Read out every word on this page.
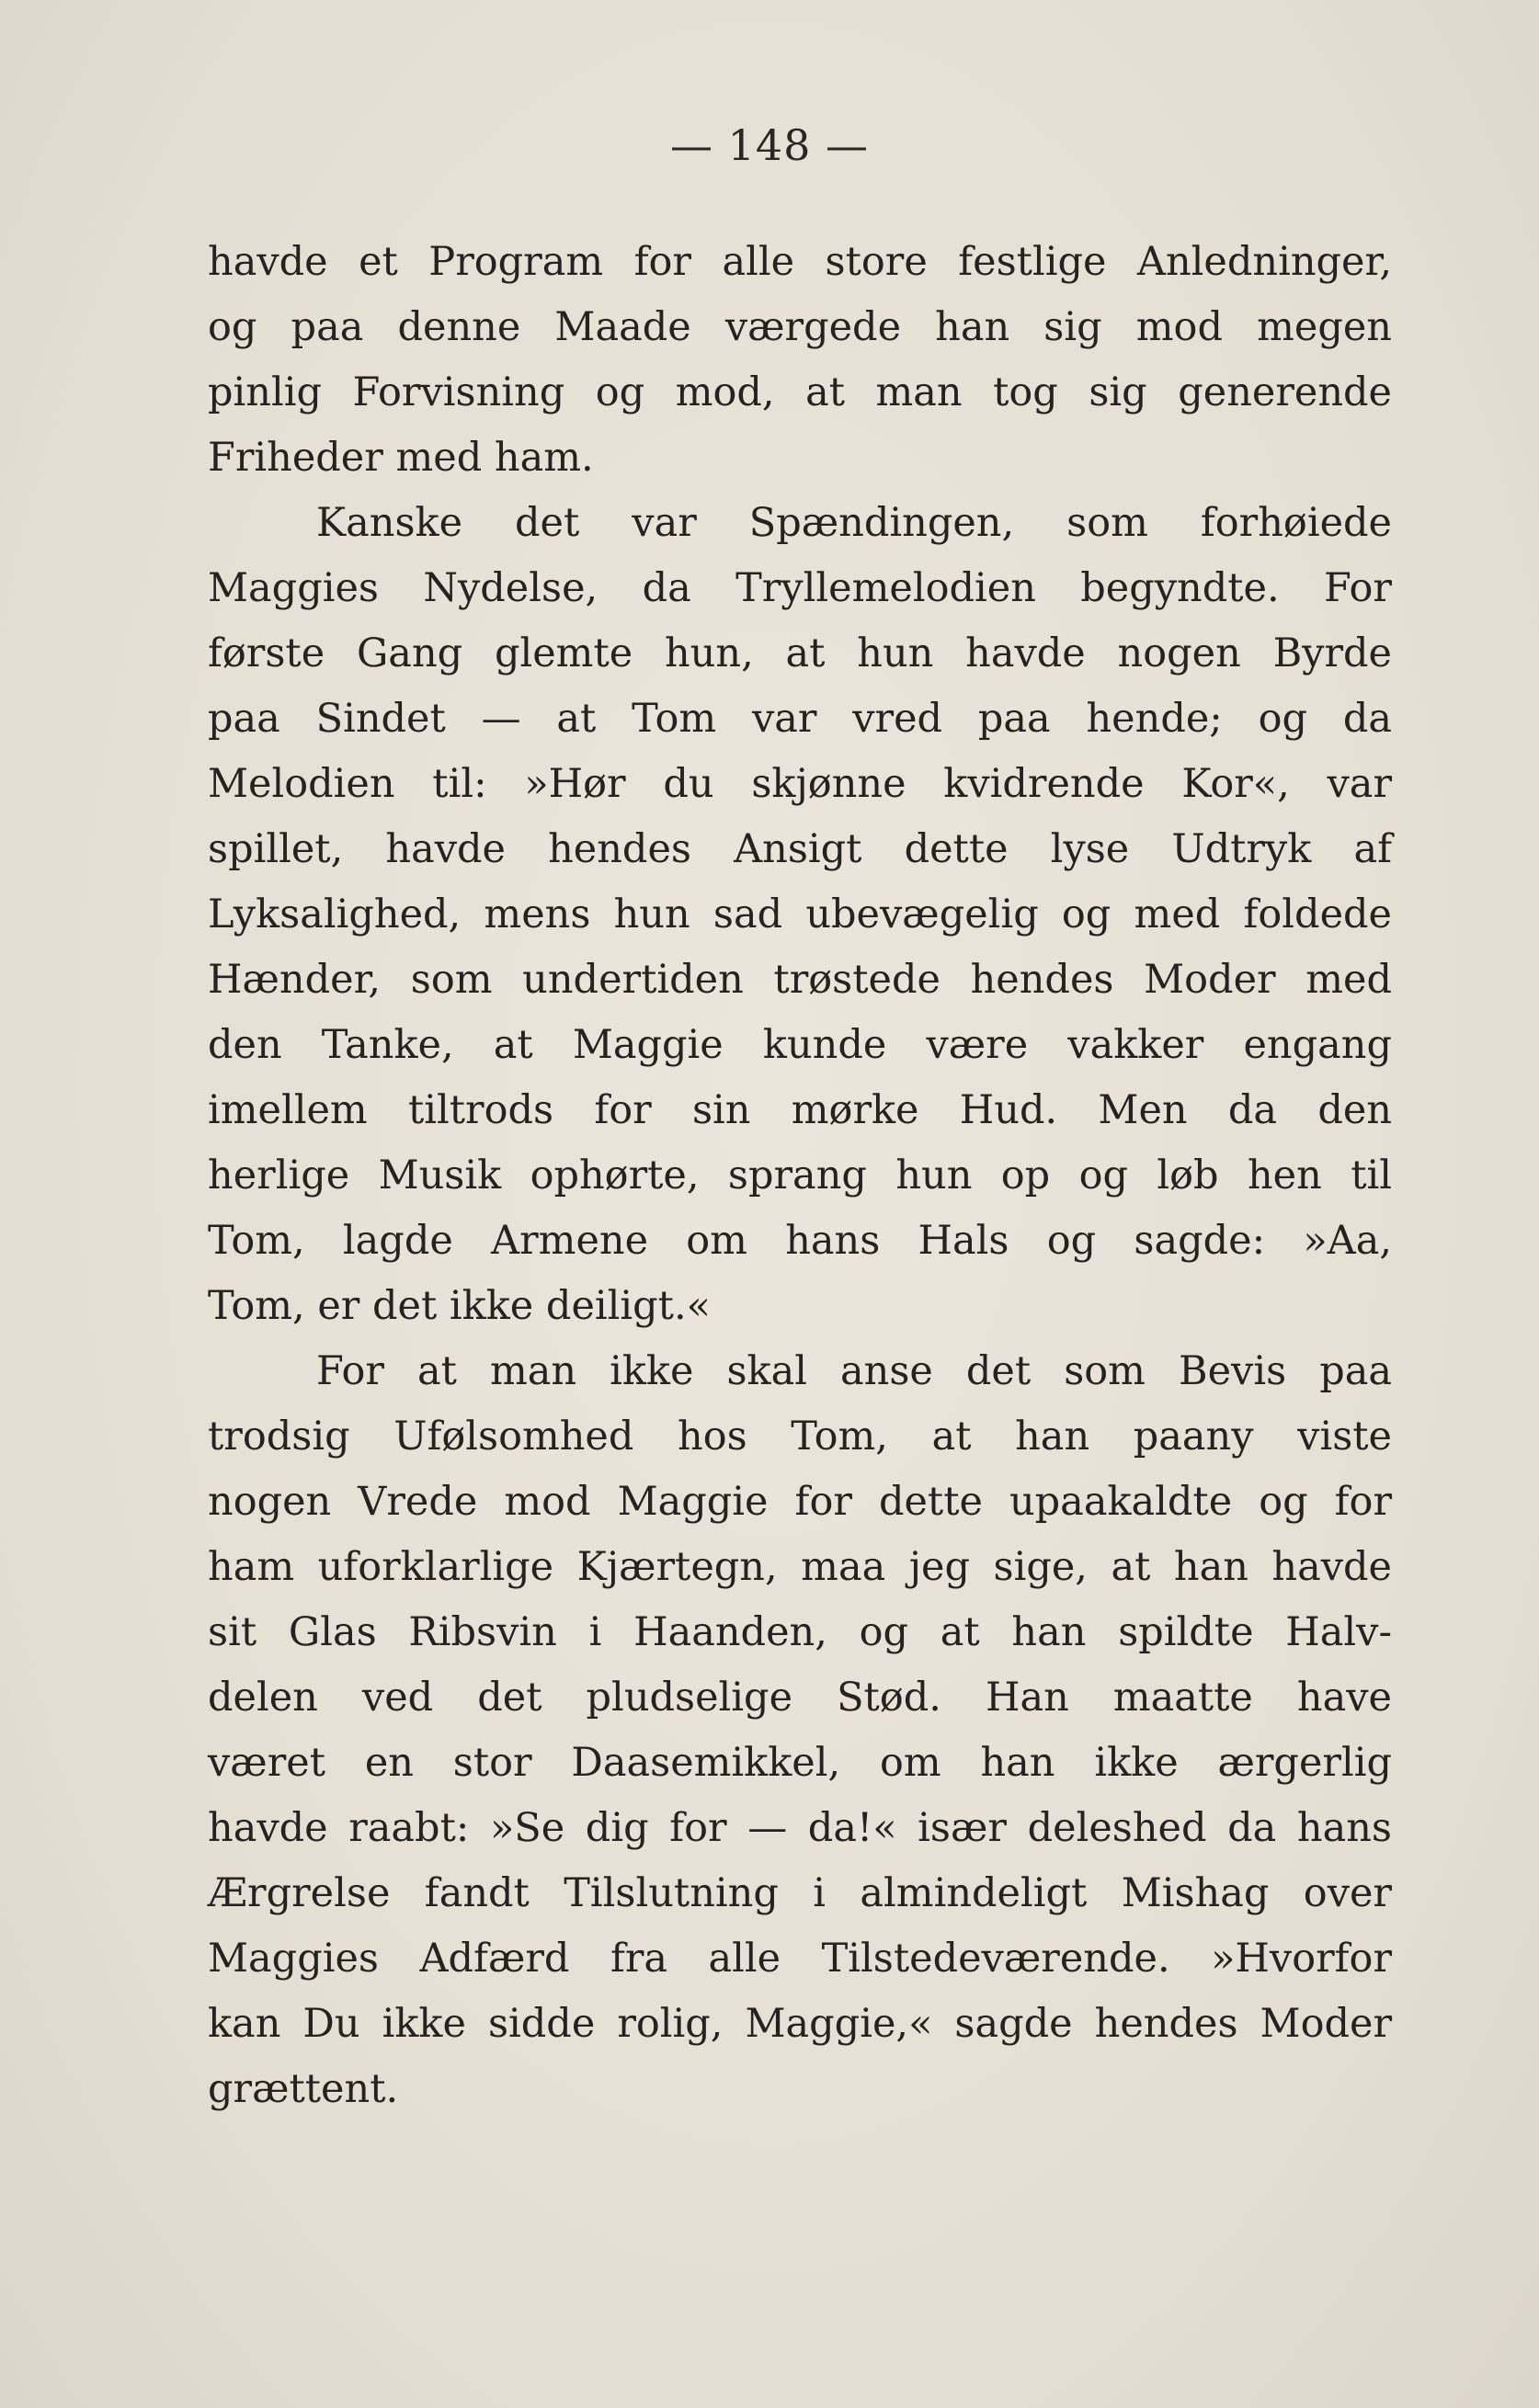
— 148 —
havde et Program for alle store festlige Anledninger,
og paa denne Maade værgede han sig mod megen
pinlig Forvisning og mod, at man tog sig generende
Friheder med ham.
Kanske det var Spændingen, som forhøiede
Maggies Nydelse, da Tryllemelodien begyndte. For
første Gang glemte hun, at hun havde nogen Byrde
paa Sindet — at Tom var vred paa hende; og da
Melodien til: »Hør du skjønne kvidrende Kor«, var
spillet, havde hendes Ansigt dette lyse Udtryk af
Lyksalighed, mens hun sad ubevægelig og med foldede
Hænder, som undertiden trøstede hendes Moder med
den Tanke, at Maggie kunde være vakker engang
imellem tiltrods for sin mørke Hud. Men da den
herlige Musik ophørte, sprang hun op og løb hen til
Tom, lagde Armene om hans Hals og sagde: »Aa,
Tom, er det ikke deiligt.«
For at man ikke skal anse det som Bevis paa
trodsig Ufølsomhed hos Tom, at han paany viste
nogen Vrede mod Maggie for dette upaakaldte og for
ham uforklarlige Kjærtegn, maa jeg sige, at han havde
sit Glas Ribsvin i Haanden, og at han spildte Halv-
delen ved det pludselige Stød. Han maatte have
været en stor Daasemikkel, om han ikke ærgerlig
havde raabt: »Se dig for — da!« især deleshed da hans
Ærgrelse fandt Tilslutning i almindeligt Mishag over
Maggies Adfærd fra alle Tilstedeværende. »Hvorfor
kan Du ikke sidde rolig, Maggie,« sagde hendes Moder
grættent.
